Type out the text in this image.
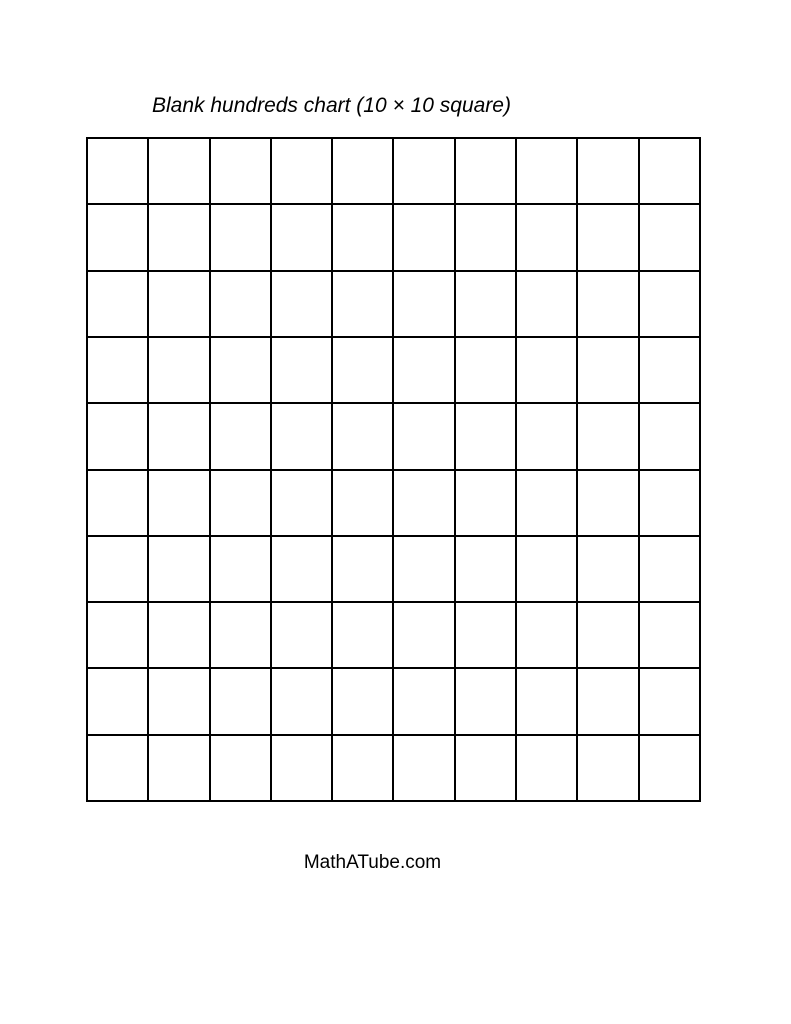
Blank hundreds chart (10 × 10 square)
MathATube.com
